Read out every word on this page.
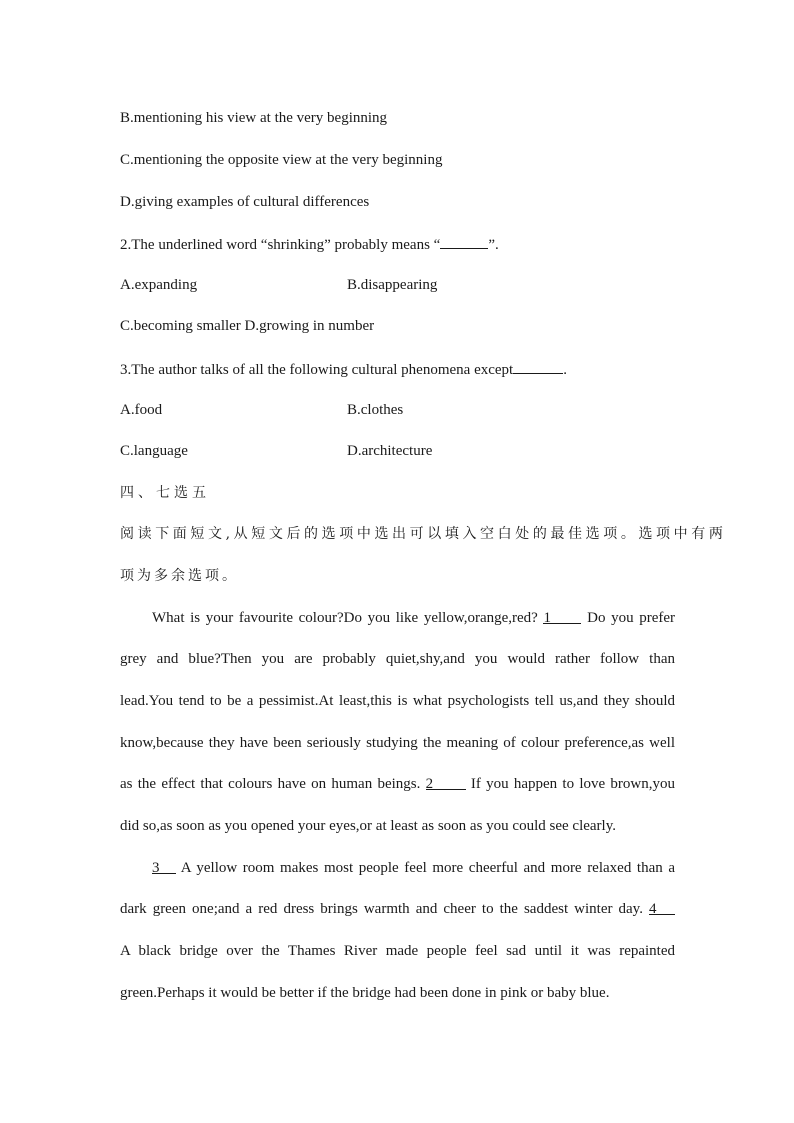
B.mentioning his view at the very beginning
C.mentioning the opposite view at the very beginning
D.giving examples of cultural differences
2.The underlined word “shrinking” probably means “	”.
A.expanding	B.disappearing
C.becoming smaller D.growing in number
3.The author talks of all the following cultural phenomena except	.
A.food	B.clothes
C.language	D.architecture
四、七选五
阅读下面短文,从短文后的选项中选出可以填入空白处的最佳选项。选项中有两
项为多余选项。
What is your favourite colour?Do you like yellow,orange,red? 1 Do you prefer
grey and blue?Then you are probably quiet,shy,and you would rather follow than
lead.You tend to be a pessimist.At least,this is what psychologists tell us,and they should
know,because they have been seriously studying the meaning of colour preference,as well
as the effect that colours have on human beings. 2	If you happen to love brown,you
did so,as soon as you opened your eyes,or at least as soon as you could see clearly.
3 A yellow room makes most people feel more cheerful and more relaxed than a
dark green one;and a red dress brings warmth and cheer to the saddest winter day. 4
A black bridge over the Thames River made people feel sad until it was repainted
green.Perhaps it would be better if the bridge had been done in pink or baby blue.
